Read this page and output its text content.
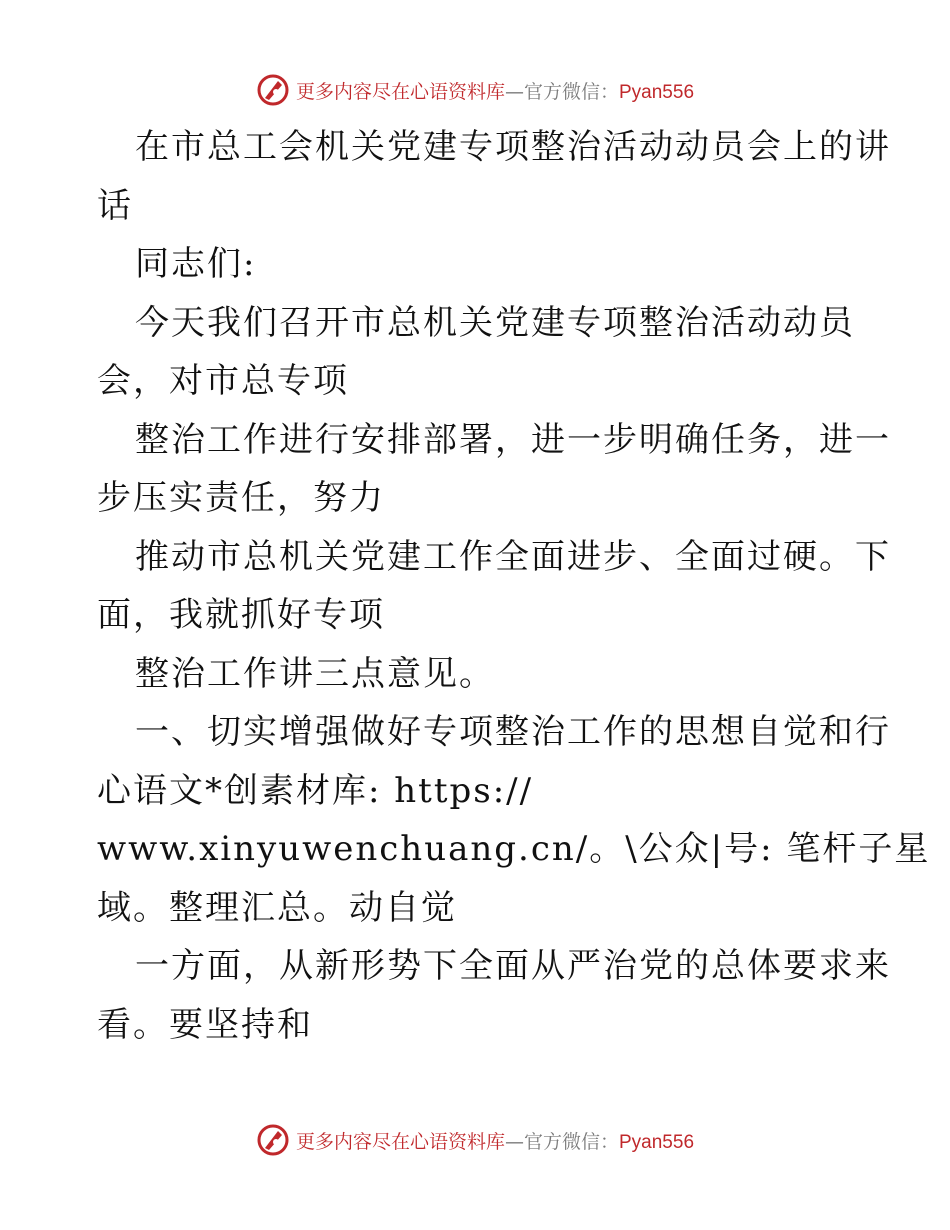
更多内容尽在心语资料库—官方微信：Pyan556
在市总工会机关党建专项整治活动动员会上的讲
话
同志们:
今天我们召开市总机关党建专项整治活动动员
会，对市总专项
整治工作进行安排部署，进一步明确任务，进一
步压实责任，努力
推动市总机关党建工作全面进步、全面过硬。下
面，我就抓好专项
整治工作讲三点意见。
一、切实增强做好专项整治工作的思想自觉和行
心语文*创素材库: https://
www.xinyuwenchuang.cn/。\公众|号: 笔杆子星
域。整理汇总。动自觉
一方面，从新形势下全面从严治党的总体要求来
看。要坚持和
更多内容尽在心语资料库—官方微信：Pyan556
